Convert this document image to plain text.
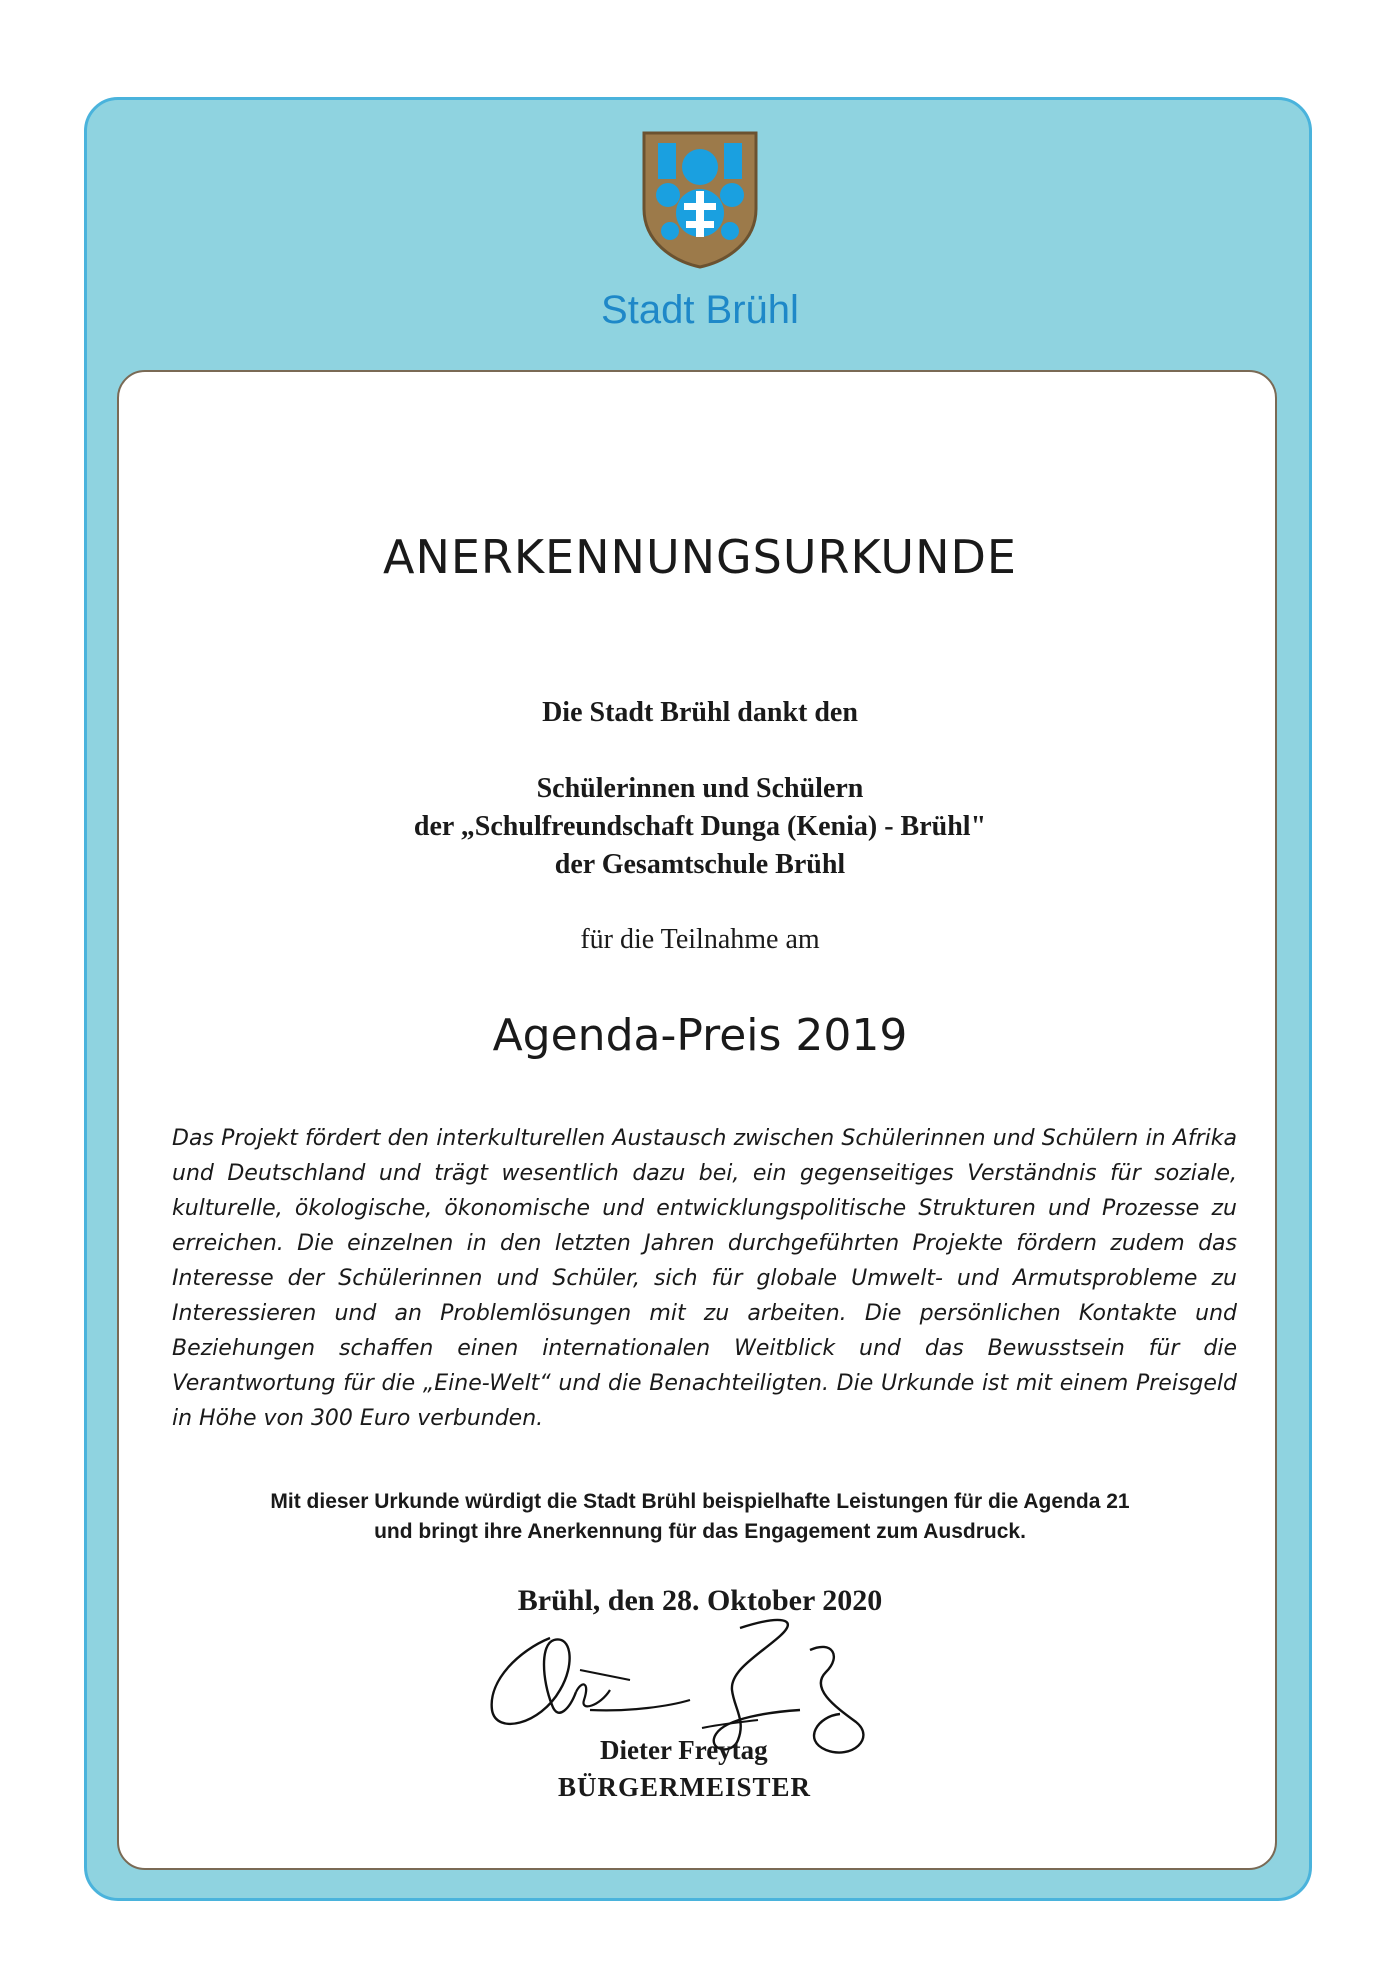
Stadt Brühl
ANERKENNUNGSURKUNDE
Die Stadt Brühl dankt den
Schülerinnen und Schülern
der „Schulfreundschaft Dunga (Kenia) - Brühl"
der Gesamtschule Brühl
für die Teilnahme am
Agenda-Preis 2019
Das Projekt fördert den interkulturellen Austausch zwischen Schülerinnen und Schülern in Afrika und Deutschland und trägt wesentlich dazu bei, ein gegenseitiges Verständnis für soziale, kulturelle, ökologische, ökonomische und entwicklungspolitische Strukturen und Prozesse zu erreichen. Die einzelnen in den letzten Jahren durchgeführten Projekte fördern zudem das Interesse der Schülerinnen und Schüler, sich für globale Umwelt- und Armutsprobleme zu Interessieren und an Problemlösungen mit zu arbeiten. Die persönlichen Kontakte und Beziehungen schaffen einen internationalen Weitblick und das Bewusstsein für die Verantwortung für die „Eine-Welt“ und die Benachteiligten. Die Urkunde ist mit einem Preisgeld in Höhe von 300 Euro verbunden.
Mit dieser Urkunde würdigt die Stadt Brühl beispielhafte Leistungen für die Agenda 21
und bringt ihre Anerkennung für das Engagement zum Ausdruck.
Brühl, den 28. Oktober 2020
Dieter Freytag
BÜRGERMEISTER
